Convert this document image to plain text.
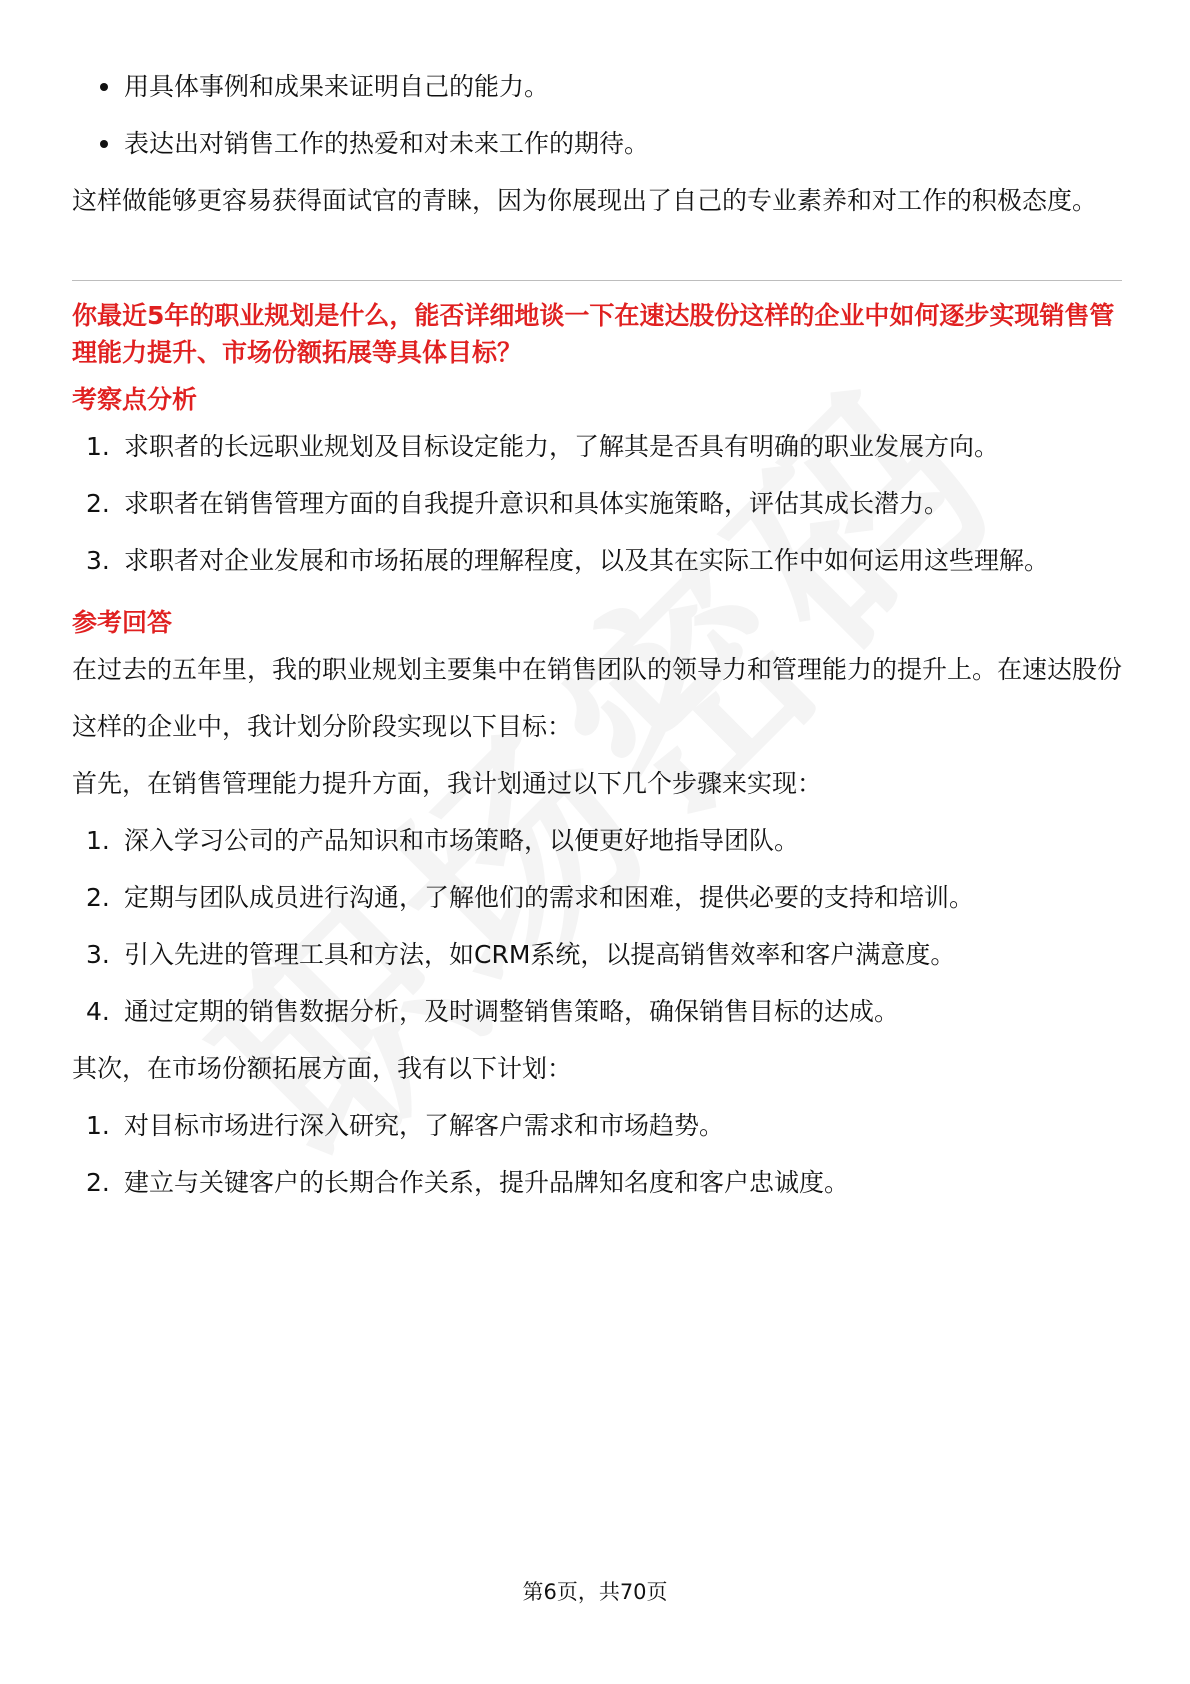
用具体事例和成果来证明自己的能力。
表达出对销售工作的热爱和对未来工作的期待。

这样做能够更容易获得面试官的青睐，因为你展现出了自己的专业素养和对工作的积极态度。

你最近5年的职业规划是什么，能否详细地谈一下在速达股份这样的企业中如何逐步实现销售管理能力提升、市场份额拓展等具体目标？

考察点分析

1. 求职者的长远职业规划及目标设定能力，了解其是否具有明确的职业发展方向。
2. 求职者在销售管理方面的自我提升意识和具体实施策略，评估其成长潜力。
3. 求职者对企业发展和市场拓展的理解程度，以及其在实际工作中如何运用这些理解。

参考回答

在过去的五年里，我的职业规划主要集中在销售团队的领导力和管理能力的提升上。在速达股份这样的企业中，我计划分阶段实现以下目标：

首先，在销售管理能力提升方面，我计划通过以下几个步骤来实现：

1. 深入学习公司的产品知识和市场策略，以便更好地指导团队。
2. 定期与团队成员进行沟通，了解他们的需求和困难，提供必要的支持和培训。
3. 引入先进的管理工具和方法，如CRM系统，以提高销售效率和客户满意度。
4. 通过定期的销售数据分析，及时调整销售策略，确保销售目标的达成。

其次，在市场份额拓展方面，我有以下计划：

1. 对目标市场进行深入研究，了解客户需求和市场趋势。
2. 建立与关键客户的长期合作关系，提升品牌知名度和客户忠诚度。
第6页，共70页
